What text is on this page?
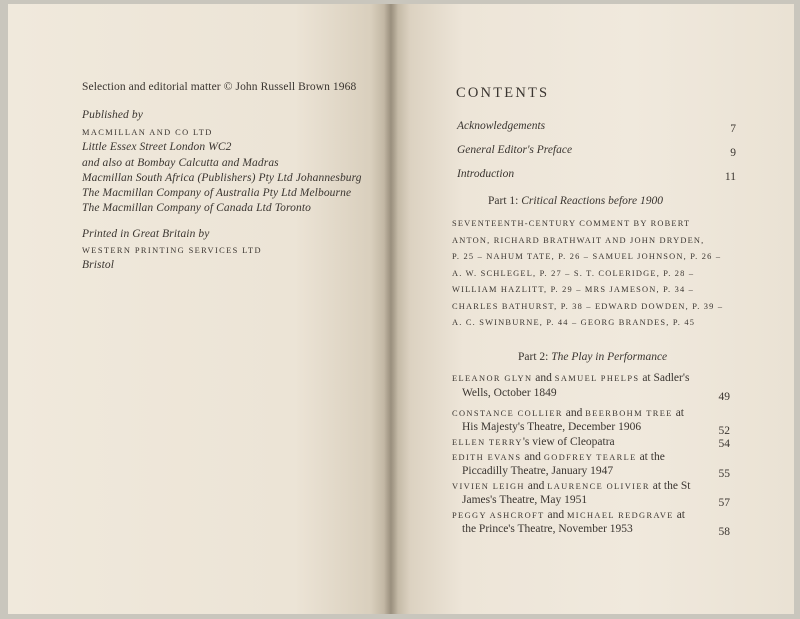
Selection and editorial matter © John Russell Brown 1968
Published by
MACMILLAN AND CO LTD
Little Essex Street London WC2
and also at Bombay Calcutta and Madras
Macmillan South Africa (Publishers) Pty Ltd Johannesburg
The Macmillan Company of Australia Pty Ltd Melbourne
The Macmillan Company of Canada Ltd Toronto
Printed in Great Britain by
WESTERN PRINTING SERVICES LTD
Bristol
CONTENTS
Acknowledgements	7
General Editor's Preface	9
Introduction	11
Part 1: Critical Reactions before 1900
SEVENTEENTH-CENTURY COMMENT BY ROBERT
ANTON, RICHARD BRATHWAIT AND JOHN DRYDEN,
P. 25 – NAHUM TATE, P. 26 – SAMUEL JOHNSON, P. 26 –
A. W. SCHLEGEL, P. 27 – S. T. COLERIDGE, P. 28 –
WILLIAM HAZLITT, P. 29 – MRS JAMESON, P. 34 –
CHARLES BATHURST, P. 38 – EDWARD DOWDEN, P. 39 –
A. C. SWINBURNE, P. 44 – GEORG BRANDES, P. 45
Part 2: The Play in Performance
ELEANOR GLYN and SAMUEL PHELPS at Sadler's
Wells, October 1849	49
CONSTANCE COLLIER and BEERBOHM TREE at
His Majesty's Theatre, December 1906	52
ELLEN TERRY's view of Cleopatra	54
EDITH EVANS and GODFREY TEARLE at the
Piccadilly Theatre, January 1947	55
VIVIEN LEIGH and LAURENCE OLIVIER at the St
James's Theatre, May 1951	57
PEGGY ASHCROFT and MICHAEL REDGRAVE at
the Prince's Theatre, November 1953	58
